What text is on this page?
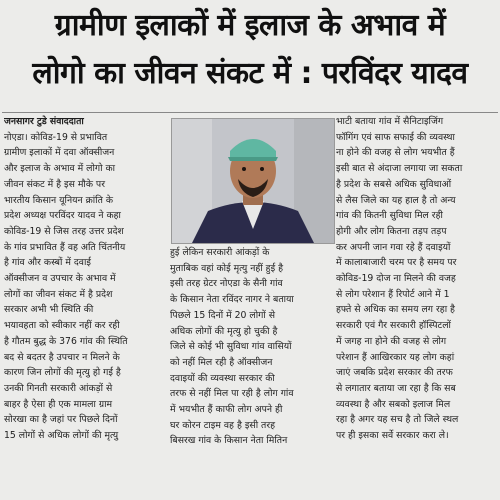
ग्रामीण इलाकों में इलाज के अभाव में
लोगो का जीवन संकट में : परविंदर यादव
जनसागर टुडे संवाददाता
नोएडा। कोविड-19 से प्रभावित
ग्रामीण इलाकों में दवा ऑक्सीजन
और इलाज के अभाव में लोगो का
जीवन संकट में है इस मौके पर
भारतीय किसान यूनियन क्रांति के
प्रदेश अध्यक्ष परविंदर यादव ने कहा
कोविड-19 से जिस तरह उत्तर प्रदेश
के गांव प्रभावित हैं वह अति चिंतनीय
है गांव और कस्बों में दवाई
ऑक्सीजन व उपचार के अभाव में
लोगों का जीवन संकट में है प्रदेश
सरकार अभी भी स्थिति की
भयावहता को स्वीकार नहीं कर रही
है गौतम बुद्ध के 376 गांव की स्थिति
बद से बदतर है उपचार न मिलने के
कारण जिन लोगों की मृत्यु हो गई है
उनकी गिनती सरकारी आंकड़ों से
बाहर है ऐसा ही एक मामला ग्राम
सोरखा का है जहां पर पिछले दिनों
15 लोगों से अधिक लोगों की मृत्यु
हुई लेकिन सरकारी आंकड़ों के
मुताबिक वहां कोई मृत्यु नहीं हुई है
इसी तरह ग्रेटर नोएडा के सैनी गांव
के किसान नेता रविंदर नागर ने बताया
पिछले 15 दिनों में 20 लोगों से
अधिक लोगों की मृत्यु हो चुकी है
जिले से कोई भी सुविधा गांव वासियों
को नहीं मिल रही है ऑक्सीजन
दवाइयों की व्यवस्था सरकार की
तरफ से नहीं मिल पा रही है लोग गांव
में भयभीत हैं काफी लोग अपने ही
घर कोरन टाइम वह है इसी तरह
बिसरख गांव के किसान नेता मितिन
भाटी बताया गांव में सैनिटाइजिंग
फॉगिंग एवं साफ सफाई की व्यवस्था
ना होने की वजह से लोग भयभीत हैं
इसी बात से अंदाजा लगाया जा सकता
है प्रदेश के सबसे अधिक सुविधाओं
से लैस जिले का यह हाल है तो अन्य
गांव की कितनी सुविधा मिल रही
होगी और लोग कितना तड़प तड़प
कर अपनी जान गवा रहे हैं दवाइयों
में कालाबाजारी चरम पर है समय पर
कोविड-19 दोज ना मिलने की वजह
से लोग परेशान हैं रिपोर्ट आने में 1
हफ्ते से अधिक का समय लग रहा है
सरकारी एवं गैर सरकारी हॉस्पिटलों
में जगह ना होने की वजह से लोग
परेशान हैं आखिरकार यह लोग कहां
जाएं जबकि प्रदेश सरकार की तरफ
से लगातार बताया जा रहा है कि सब
व्यवस्था है और सबको इलाज मिल
रहा है अगर यह सच है तो जिले स्थल
पर ही इसका सर्वे सरकार करा ले।
